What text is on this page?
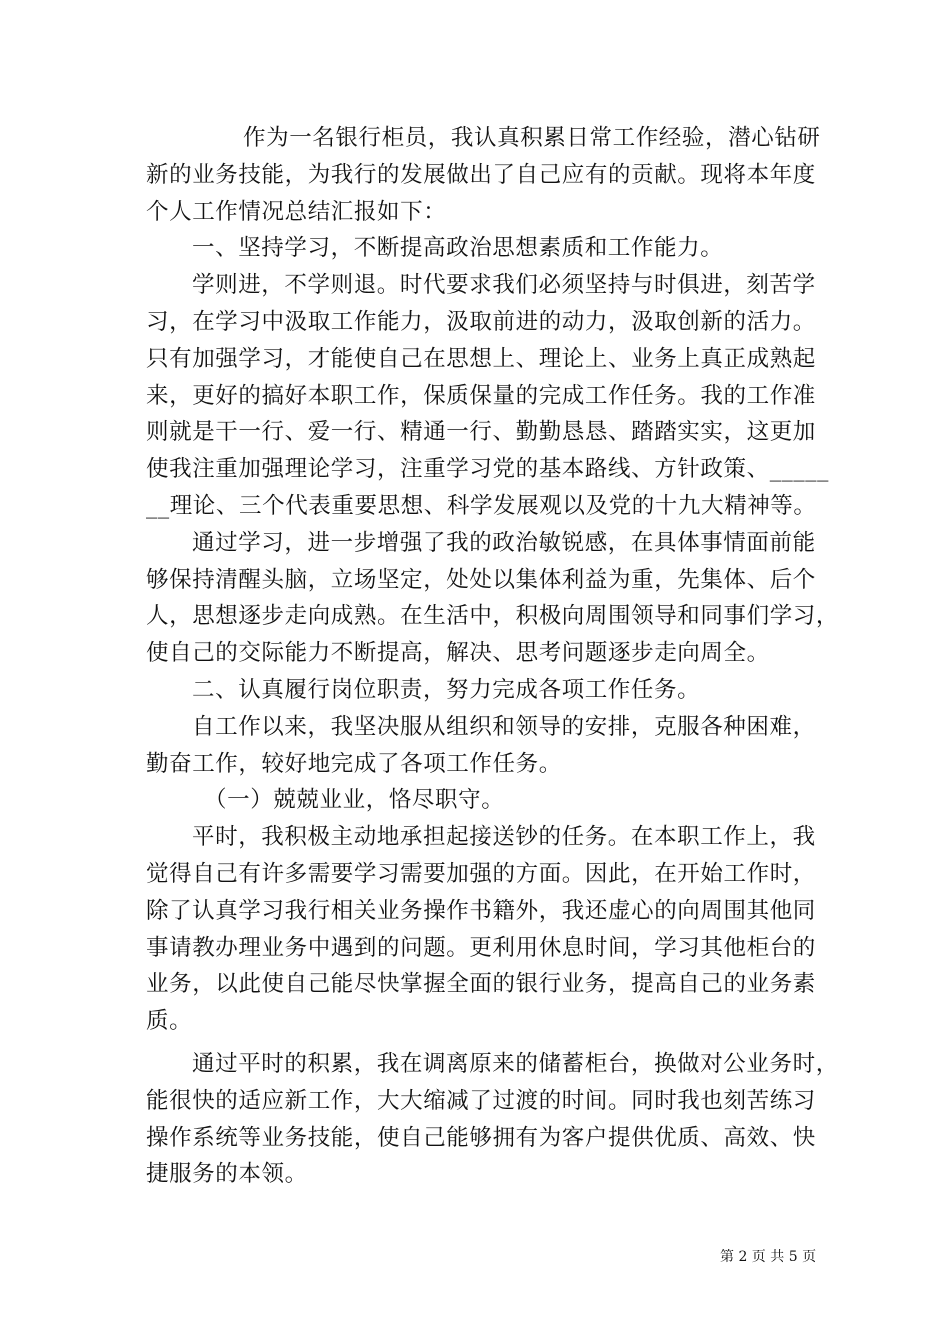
作为一名银行柜员，我认真积累日常工作经验，潜心钻研
新的业务技能，为我行的发展做出了自己应有的贡献。现将本年度
个人工作情况总结汇报如下：
一、坚持学习，不断提高政治思想素质和工作能力。
学则进，不学则退。时代要求我们必须坚持与时俱进，刻苦学
习，在学习中汲取工作能力，汲取前进的动力，汲取创新的活力。
只有加强学习，才能使自己在思想上、理论上、业务上真正成熟起
来，更好的搞好本职工作，保质保量的完成工作任务。我的工作准
则就是干一行、爱一行、精通一行、勤勤恳恳、踏踏实实，这更加
使我注重加强理论学习，注重学习党的基本路线、方针政策、_____
__理论、三个代表重要思想、科学发展观以及党的十九大精神等。
通过学习，进一步增强了我的政治敏锐感，在具体事情面前能
够保持清醒头脑，立场坚定，处处以集体利益为重，先集体、后个
人，思想逐步走向成熟。在生活中，积极向周围领导和同事们学习，
使自己的交际能力不断提高，解决、思考问题逐步走向周全。
二、认真履行岗位职责，努力完成各项工作任务。
自工作以来，我坚决服从组织和领导的安排，克服各种困难，
勤奋工作，较好地完成了各项工作任务。
（一）兢兢业业，恪尽职守。
平时，我积极主动地承担起接送钞的任务。在本职工作上，我
觉得自己有许多需要学习需要加强的方面。因此，在开始工作时，
除了认真学习我行相关业务操作书籍外，我还虚心的向周围其他同
事请教办理业务中遇到的问题。更利用休息时间，学习其他柜台的
业务，以此使自己能尽快掌握全面的银行业务，提高自己的业务素
质。
通过平时的积累，我在调离原来的储蓄柜台，换做对公业务时，
能很快的适应新工作，大大缩减了过渡的时间。同时我也刻苦练习
操作系统等业务技能，使自己能够拥有为客户提供优质、高效、快
捷服务的本领。
第 2 页 共 5 页
